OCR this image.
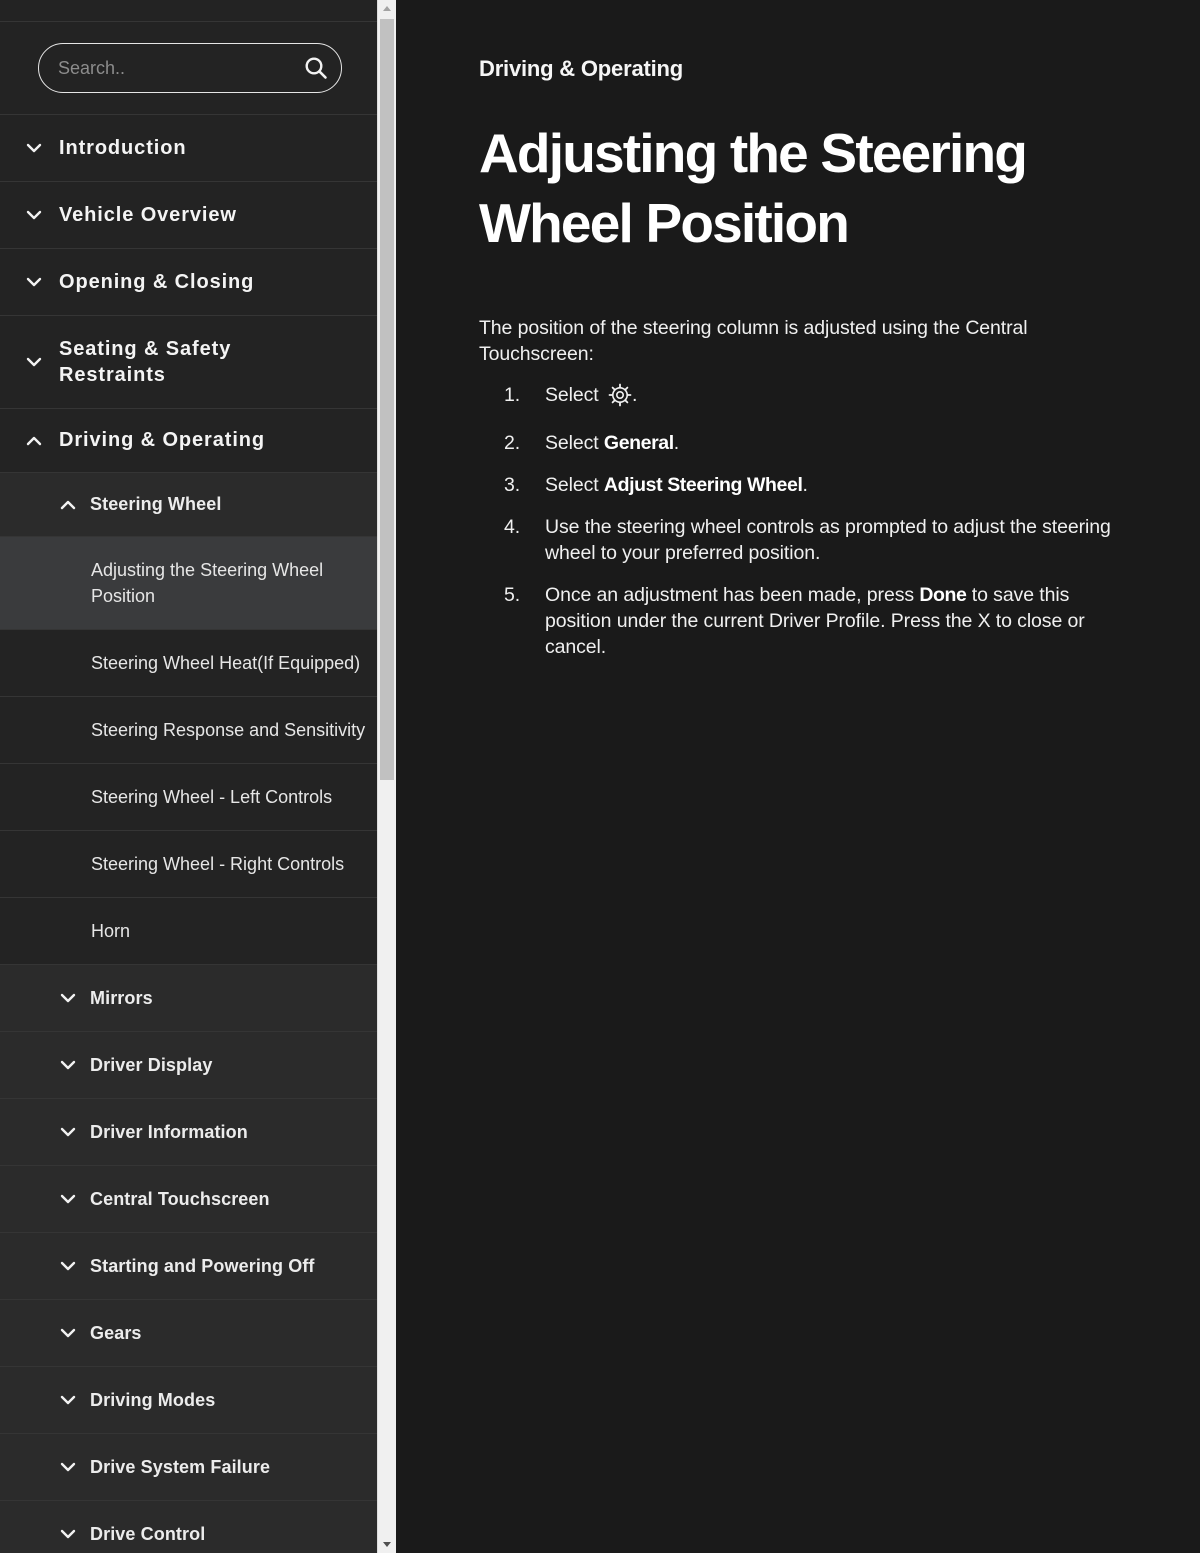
Search..
Introduction
Vehicle Overview
Opening & Closing
Seating & Safety Restraints
Driving & Operating
Steering Wheel
Adjusting the Steering Wheel Position
Steering Wheel Heat(If Equipped)
Steering Response and Sensitivity
Steering Wheel - Left Controls
Steering Wheel - Right Controls
Horn
Mirrors
Driver Display
Driver Information
Central Touchscreen
Starting and Powering Off
Gears
Driving Modes
Drive System Failure
Drive Control
Driving & Operating
Adjusting the Steering Wheel Position

The position of the steering column is adjusted using the Central Touchscreen:

1.	Select .
2.	Select General.
3.	Select Adjust Steering Wheel.
4.	Use the steering wheel controls as prompted to adjust the steering wheel to your preferred position.
5.	Once an adjustment has been made, press Done to save this position under the current Driver Profile. Press the X to close or cancel.
